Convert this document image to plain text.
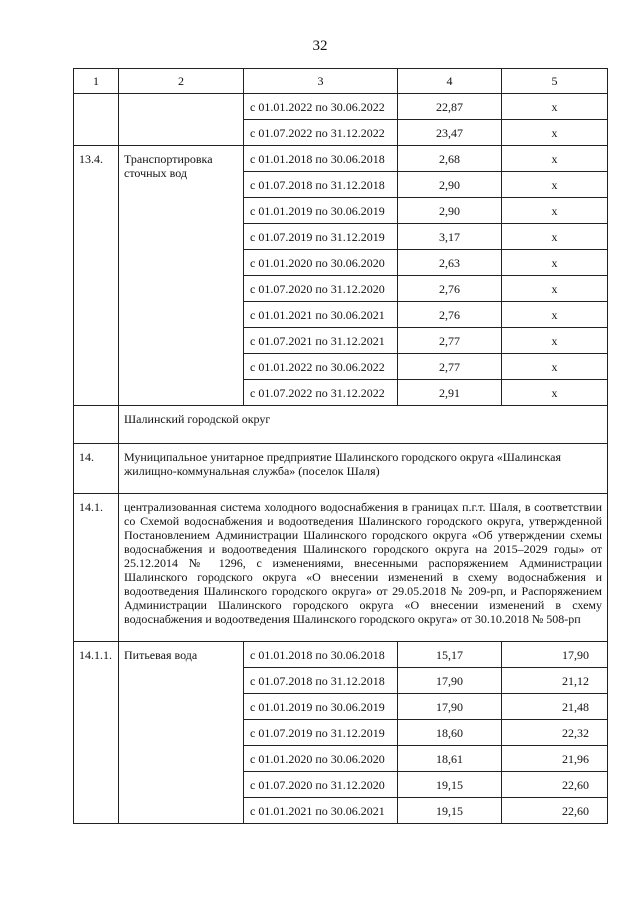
32
1	2	3	4	5
		с 01.01.2022 по 30.06.2022	22,87	х
		с 01.07.2022 по 31.12.2022	23,47	х
13.4.	Транспортировка сточных вод	с 01.01.2018 по 30.06.2018	2,68	х
		с 01.07.2018 по 31.12.2018	2,90	х
		с 01.01.2019 по 30.06.2019	2,90	х
		с 01.07.2019 по 31.12.2019	3,17	х
		с 01.01.2020 по 30.06.2020	2,63	х
		с 01.07.2020 по 31.12.2020	2,76	х
		с 01.01.2021 по 30.06.2021	2,76	х
		с 01.07.2021 по 31.12.2021	2,77	х
		с 01.01.2022 по 30.06.2022	2,77	х
		с 01.07.2022 по 31.12.2022	2,91	х
	Шалинский городской округ			
14.	Муниципальное унитарное предприятие Шалинского городского округа «Шалинская жилищно-коммунальная служба» (поселок Шаля)			
14.1.	централизованная система холодного водоснабжения в границах п.г.т. Шаля, в соответствии со Схемой водоснабжения и водоотведения Шалинского городского округа, утвержденной Постановлением Администрации Шалинского городского округа «Об утверждении схемы водоснабжения и водоотведения Шалинского городского округа на 2015–2029 годы» от 25.12.2014 № 1296, с изменениями, внесенными распоряжением Администрации Шалинского городского округа «О внесении изменений в схему водоснабжения и водоотведения Шалинского городского округа» от 29.05.2018 № 209-рп, и Распоряжением Администрации Шалинского городского округа «О внесении изменений в схему водоснабжения и водоотведения Шалинского городского округа» от 30.10.2018 № 508-рп			
14.1.1.	Питьевая вода	с 01.01.2018 по 30.06.2018	15,17	17,90
		с 01.07.2018 по 31.12.2018	17,90	21,12
		с 01.01.2019 по 30.06.2019	17,90	21,48
		с 01.07.2019 по 31.12.2019	18,60	22,32
		с 01.01.2020 по 30.06.2020	18,61	21,96
		с 01.07.2020 по 31.12.2020	19,15	22,60
		с 01.01.2021 по 30.06.2021	19,15	22,60
